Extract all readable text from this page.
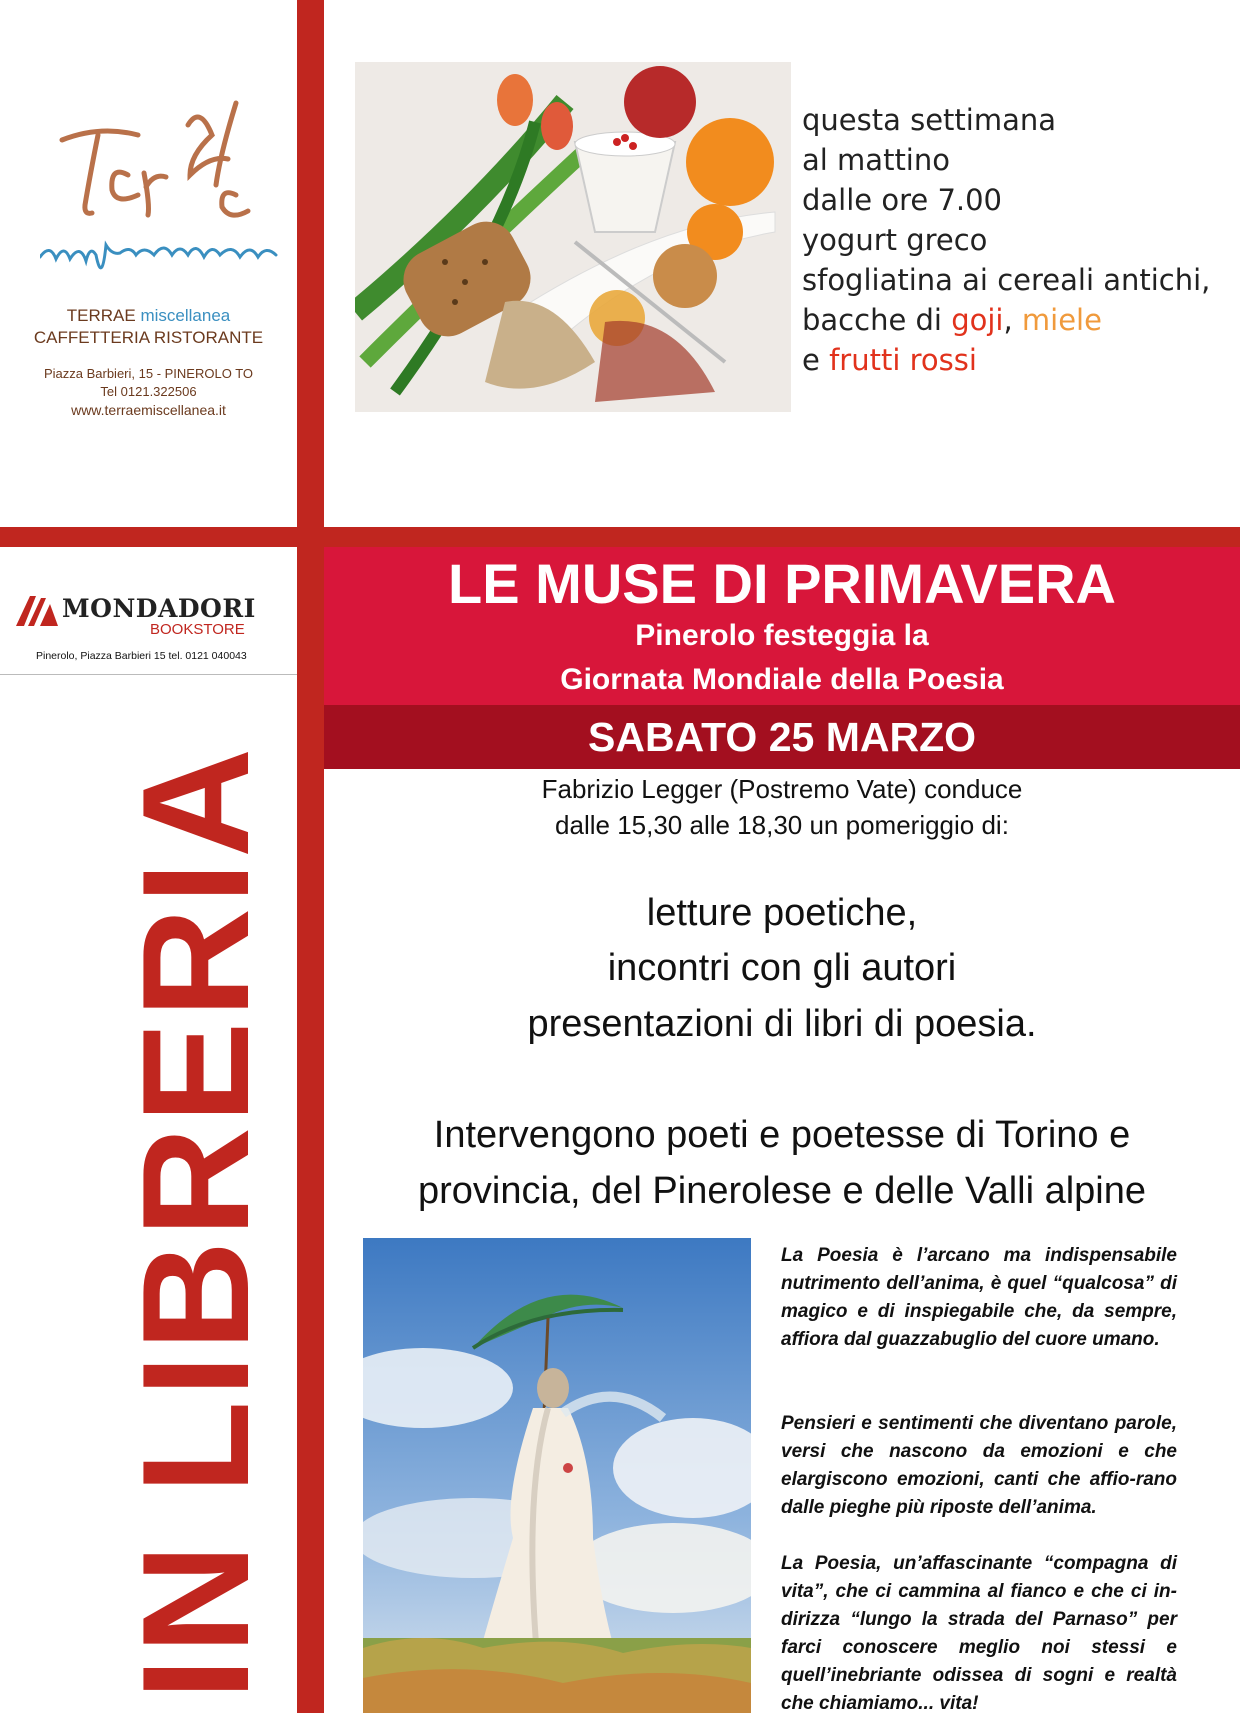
TERRAE miscellanea
CAFFETTERIA RISTORANTE
Piazza Barbieri, 15 - PINEROLO TO
Tel 0121.322506
www.terraemiscellanea.it
questa settimana
al mattino
dalle ore 7.00
yogurt greco
sfogliatina ai cereali antichi,
bacche di goji, miele
e frutti rossi
MONDADORI
BOOKSTORE
Pinerolo, Piazza Barbieri 15 tel. 0121 040043
IN LIBRERIA
LE MUSE DI PRIMAVERA
Pinerolo festeggia la
Giornata Mondiale della Poesia
SABATO 25 MARZO
Fabrizio Legger (Postremo Vate) conduce
dalle 15,30 alle 18,30 un pomeriggio di:
letture poetiche,
incontri con gli autori
presentazioni di libri di poesia.
Intervengono poeti e poetesse di Torino e
provincia, del Pinerolese e delle Valli alpine
La Poesia è l’arcano ma indispensabile nutrimento dell’anima, è quel “qualcosa” di magico e di inspiegabile che, da sempre, affiora dal guazzabuglio del cuore umano.
Pensieri e sentimenti che diventano parole, versi che nascono da emozioni e che elargiscono emozioni, canti che affio-rano dalle pieghe più riposte dell’anima.
La Poesia, un’affascinante “compagna di vita”, che ci cammina al fianco e che ci in-dirizza “lungo la strada del Parnaso” per farci conoscere meglio noi stessi e quell’inebriante odissea di sogni e realtà che chiamiamo... vita!
